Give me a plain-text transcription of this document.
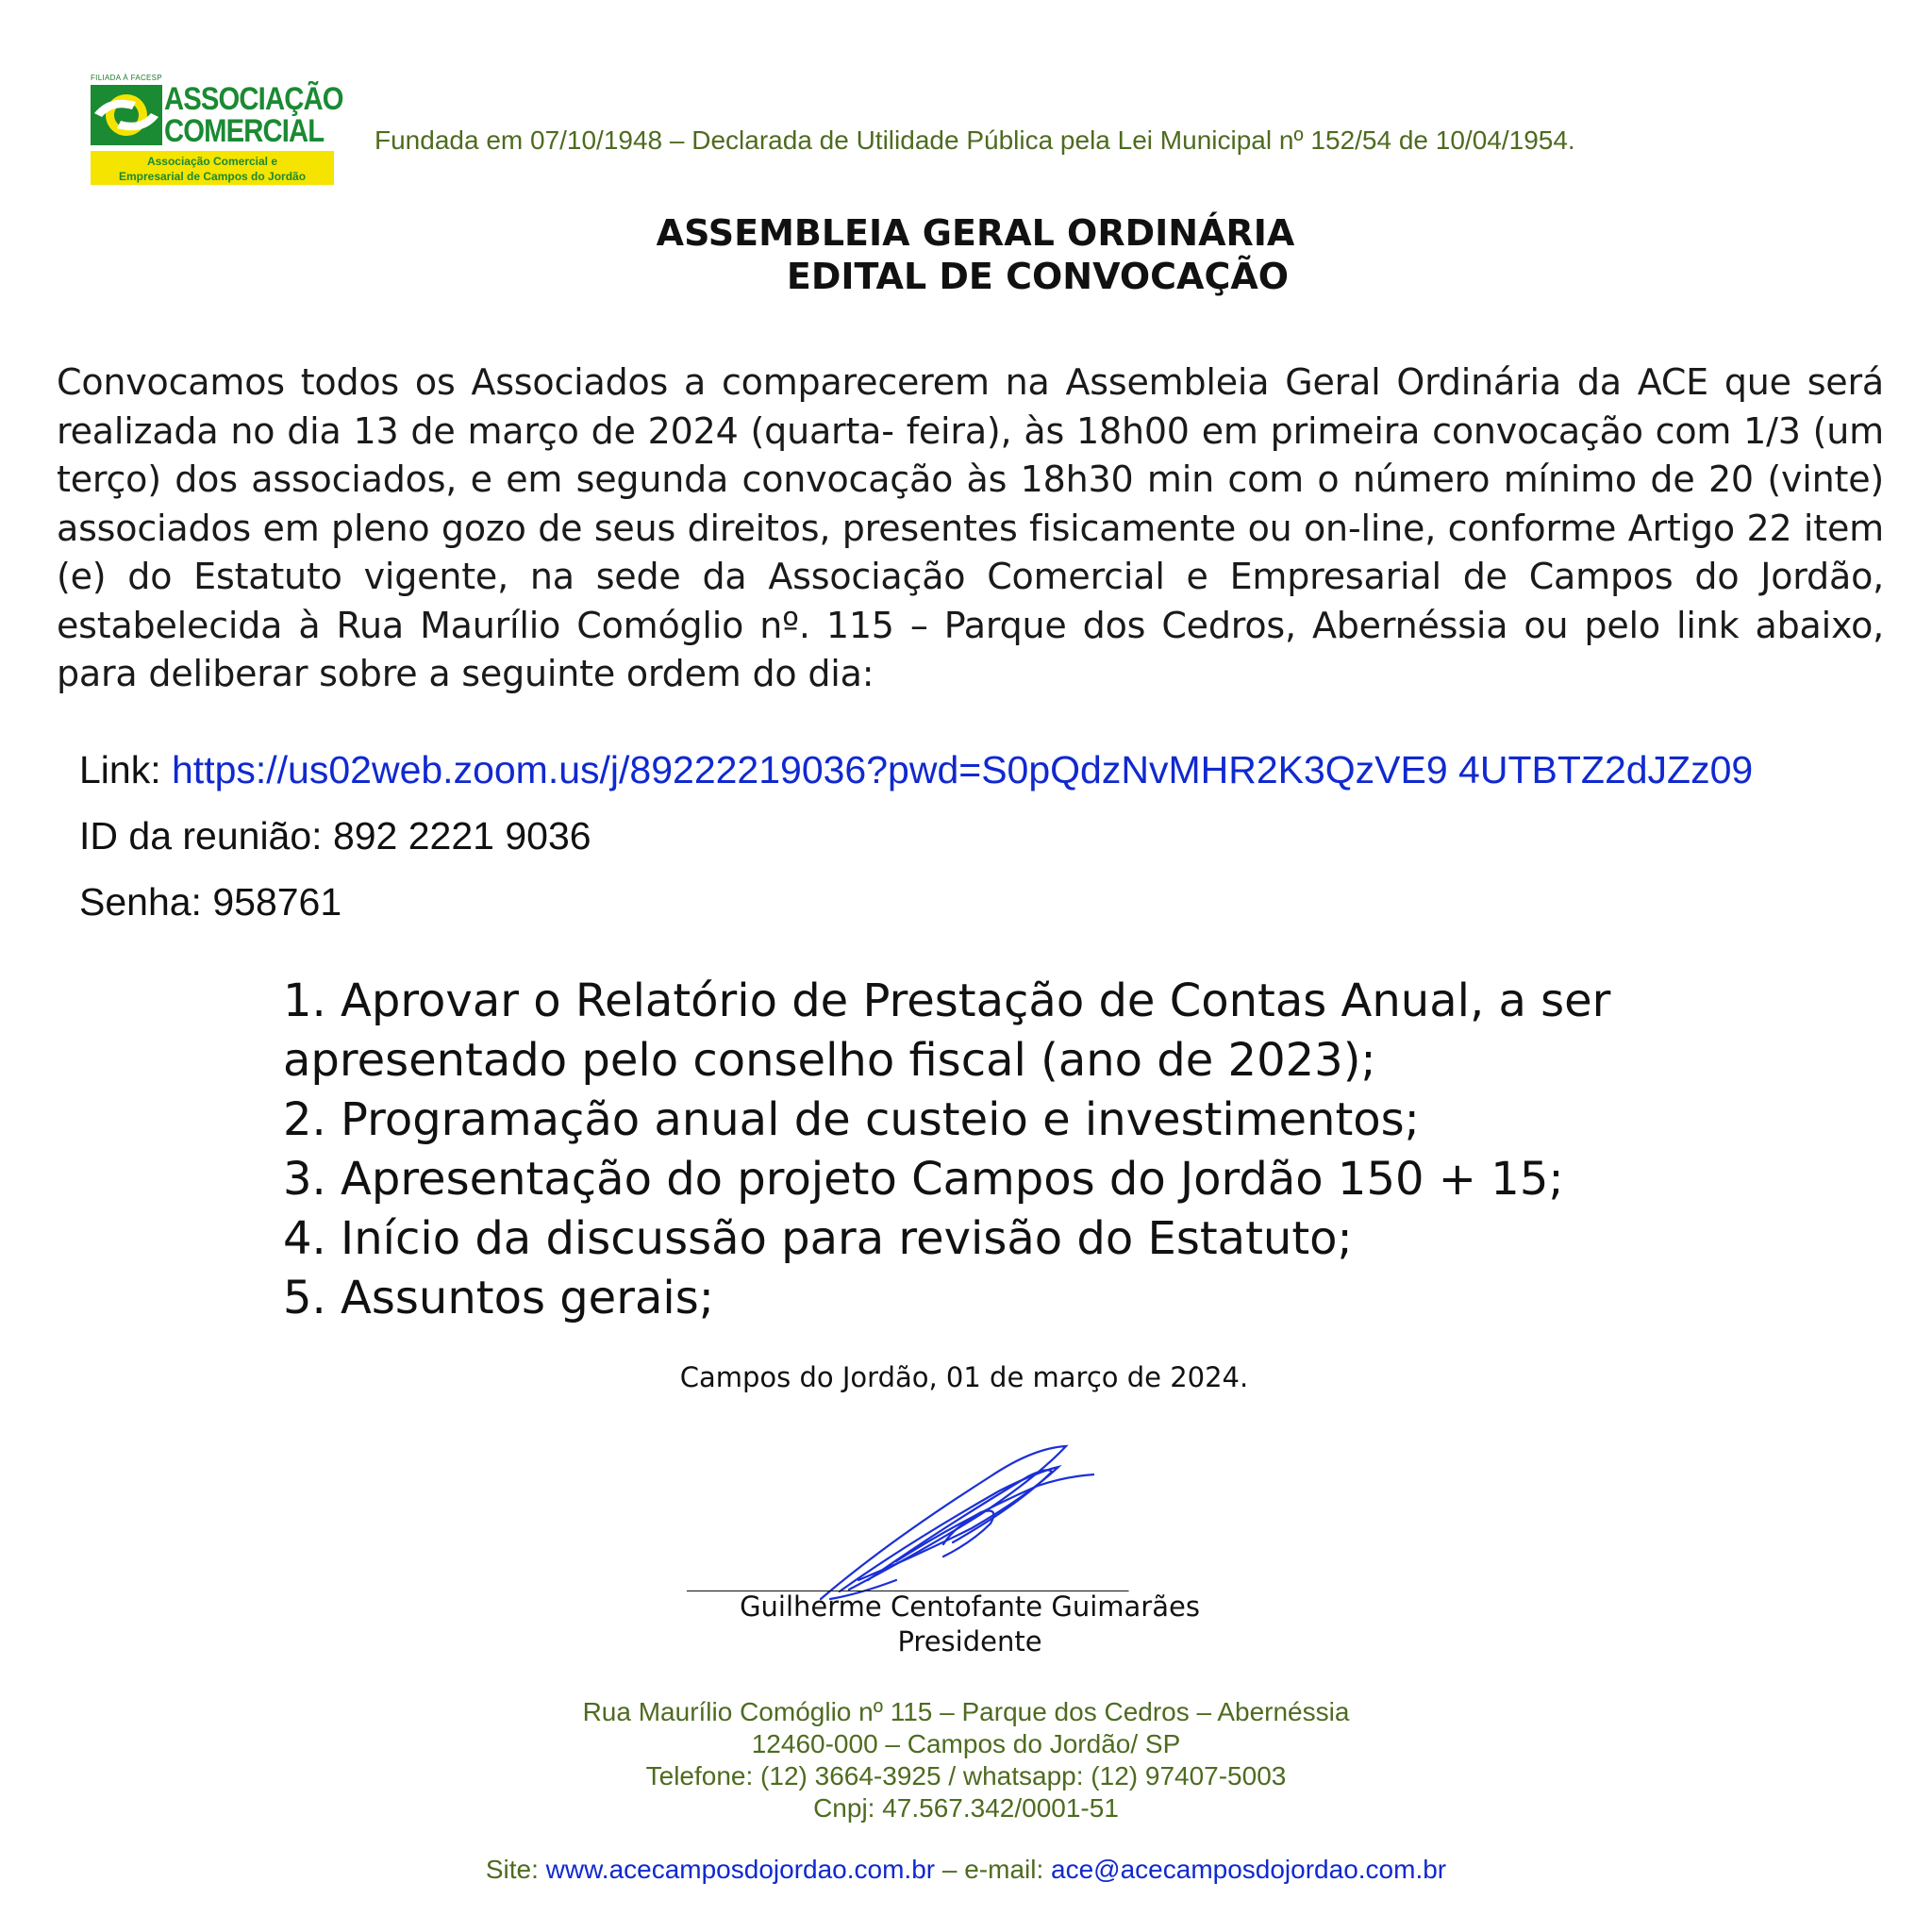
FILIADA À FACESP
ASSOCIAÇÃO
COMERCIAL
Associação Comercial e
Empresarial de Campos do Jordão
Fundada em 07/10/1948 – Declarada de Utilidade Pública pela Lei Municipal nº 152/54 de 10/04/1954.
ASSEMBLEIA GERAL ORDINÁRIA
EDITAL DE CONVOCAÇÃO
Convocamos todos os Associados a comparecerem na Assembleia Geral Ordinária da ACE que será realizada no dia 13 de março de 2024 (quarta- feira), às 18h00 em primeira convocação com 1/3 (um terço) dos associados, e em segunda convocação às 18h30 min com o número mínimo de 20 (vinte) associados em pleno gozo de seus direitos, presentes fisicamente ou on-line, conforme Artigo 22 item (e) do Estatuto vigente, na sede da Associação Comercial e Empresarial de Campos do Jordão, estabelecida à Rua Maurílio Comóglio nº. 115 – Parque dos Cedros, Abernéssia ou pelo link abaixo, para deliberar sobre a seguinte ordem do dia:
Link: https://us02web.zoom.us/j/89222219036?pwd=S0pQdzNvMHR2K3QzVE9 4UTBTZ2dJZz09
ID da reunião: 892 2221 9036
Senha: 958761
1. Aprovar o Relatório de Prestação de Contas Anual, a ser
apresentado pelo conselho fiscal (ano de 2023);
2. Programação anual de custeio e investimentos;
3. Apresentação do projeto Campos do Jordão 150 + 15;
4. Início da discussão para revisão do Estatuto;
5. Assuntos gerais;
Campos do Jordão, 01 de março de 2024.
_________________________________
Guilherme Centofante Guimarães
Presidente
Rua Maurílio Comóglio nº 115 – Parque dos Cedros – Abernéssia
12460-000 – Campos do Jordão/ SP
Telefone: (12) 3664-3925 / whatsapp: (12) 97407-5003
Cnpj: 47.567.342/0001-51
Site: www.acecamposdojordao.com.br – e-mail: ace@acecamposdojordao.com.br
